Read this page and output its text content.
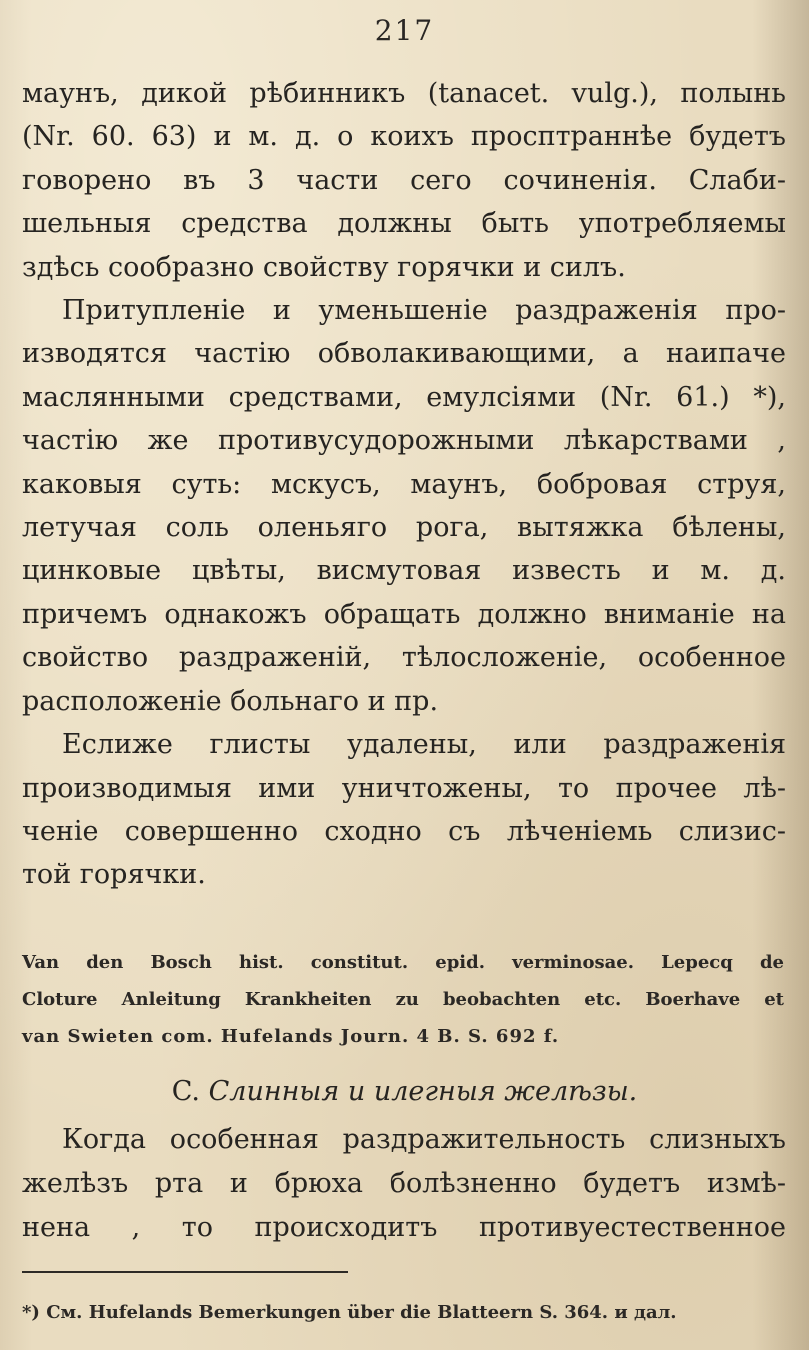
217
маунъ, дикой рѣбинникъ (tanacet. vulg.), полынь
(Nr. 60. 63) и м. д. о коихъ просптраннѣе будетъ
говорено въ 3 части сего сочиненія. Слаби-
шельныя средства должны быть употребляемы
здѣсь сообразно свойству горячки и силъ.
Притупленіе и уменьшеніе раздраженія про-
изводятся частію обволакивающими, а наипаче
маслянными средствами, емулсіями (Nr. 61.) *),
частію же противусудорожными лѣкарствами ,
каковыя суть: мскусъ, маунъ, бобровая струя,
летучая соль оленьяго рога, вытяжка бѣлены,
цинковые цвѣты, висмутовая известь и м. д.
причемъ однакожъ обращать должно вниманіе на
свойство раздраженій, тѣлосложеніе, особенное
расположеніе больнаго и пр.
Еслиже глисты удалены, или раздраженія
производимыя ими уничтожены, то прочее лѣ-
ченіе совершенно сходно съ лѣченіемь слизис-
той горячки.
Van den Bosch hist. constitut. epid. verminosae. Lepecq de
Cloture Anleitung Krankheiten zu beobachten etc. Boerhave et
van Swieten com. Hufelands Journ. 4 B. S. 692 f.
C. Слинныя и илегныя желѣзы.
Когда особенная раздражительность слизныхъ
желѣзъ рта и брюха болѣзненно будетъ измѣ-
нена , то происходитъ противуестественное
*) См. Hufelands Bemerkungen über die Blatteern S. 364. и дал.
